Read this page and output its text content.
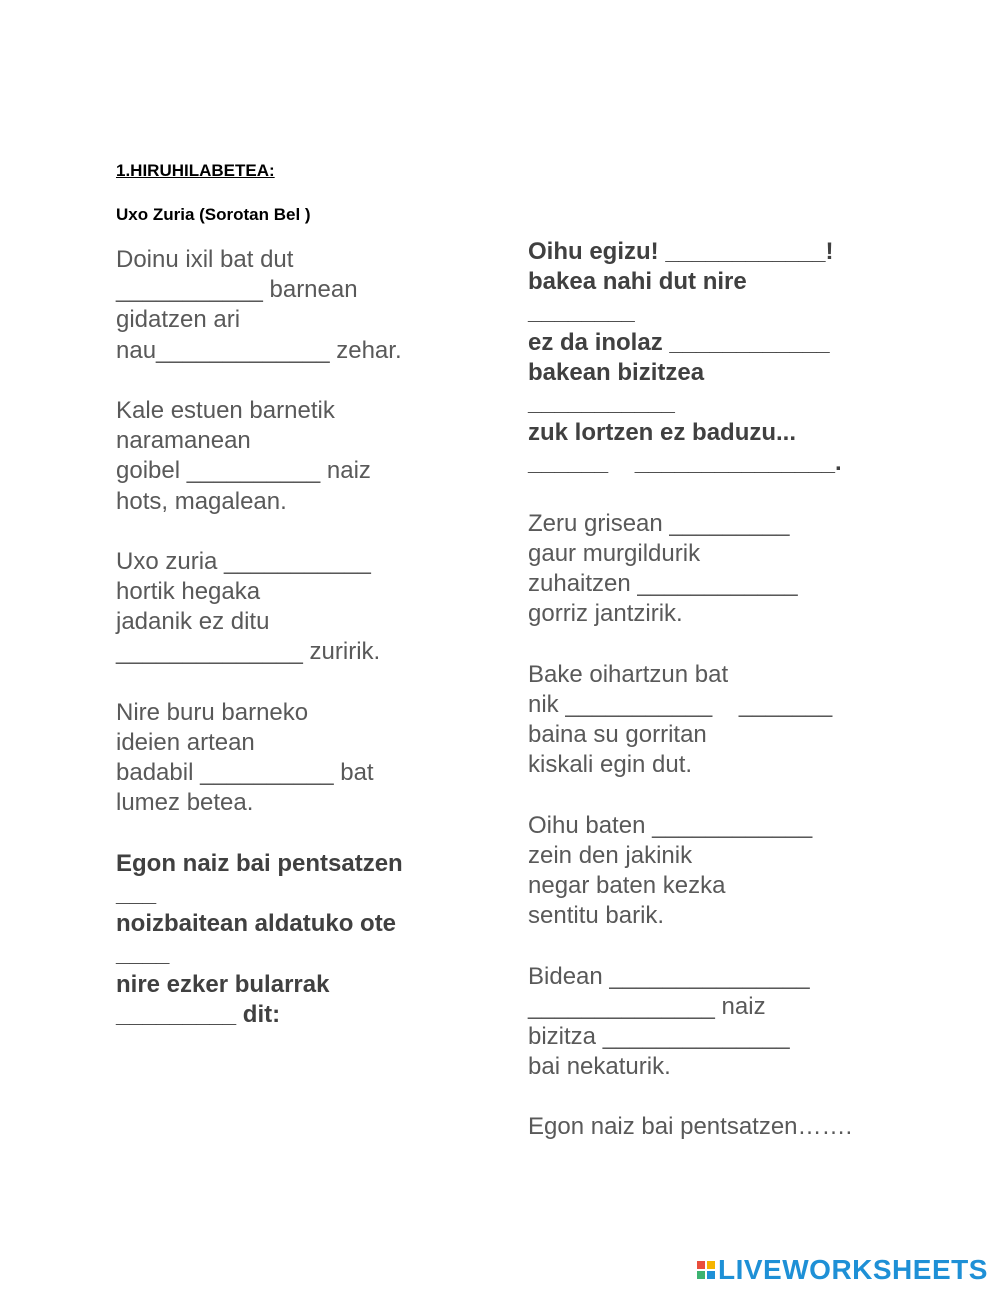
1.HIRUHILABETEA:
Uxo Zuria (Sorotan Bel )
Doinu ixil bat dut
___________ barnean
gidatzen ari
nau_____________ zehar.
Kale estuen barnetik
naramanean
goibel __________ naiz
hots, magalean.
Uxo zuria ___________
hortik hegaka
jadanik ez ditu
______________ zuririk.
Nire buru barneko
ideien artean
badabil __________ bat
lumez betea.
Egon naiz bai pentsatzen
___
noizbaitean aldatuko ote
____
nire ezker bularrak
_________ dit:
Oihu egizu! ____________!
bakea nahi dut nire
________
ez da inolaz ____________
bakean bizitzea
___________
zuk lortzen ez baduzu...
______    _______________.
Zeru grisean _________
gaur murgildurik
zuhaitzen ____________
gorriz jantzirik.
Bake oihartzun bat
nik ___________    _______
baina su gorritan
kiskali egin dut.
Oihu baten ____________
zein den jakinik
negar baten kezka
sentitu barik.
Bidean _______________
______________ naiz
bizitza ______________
bai nekaturik.
Egon naiz bai pentsatzen…….
LIVEWORKSHEETS
